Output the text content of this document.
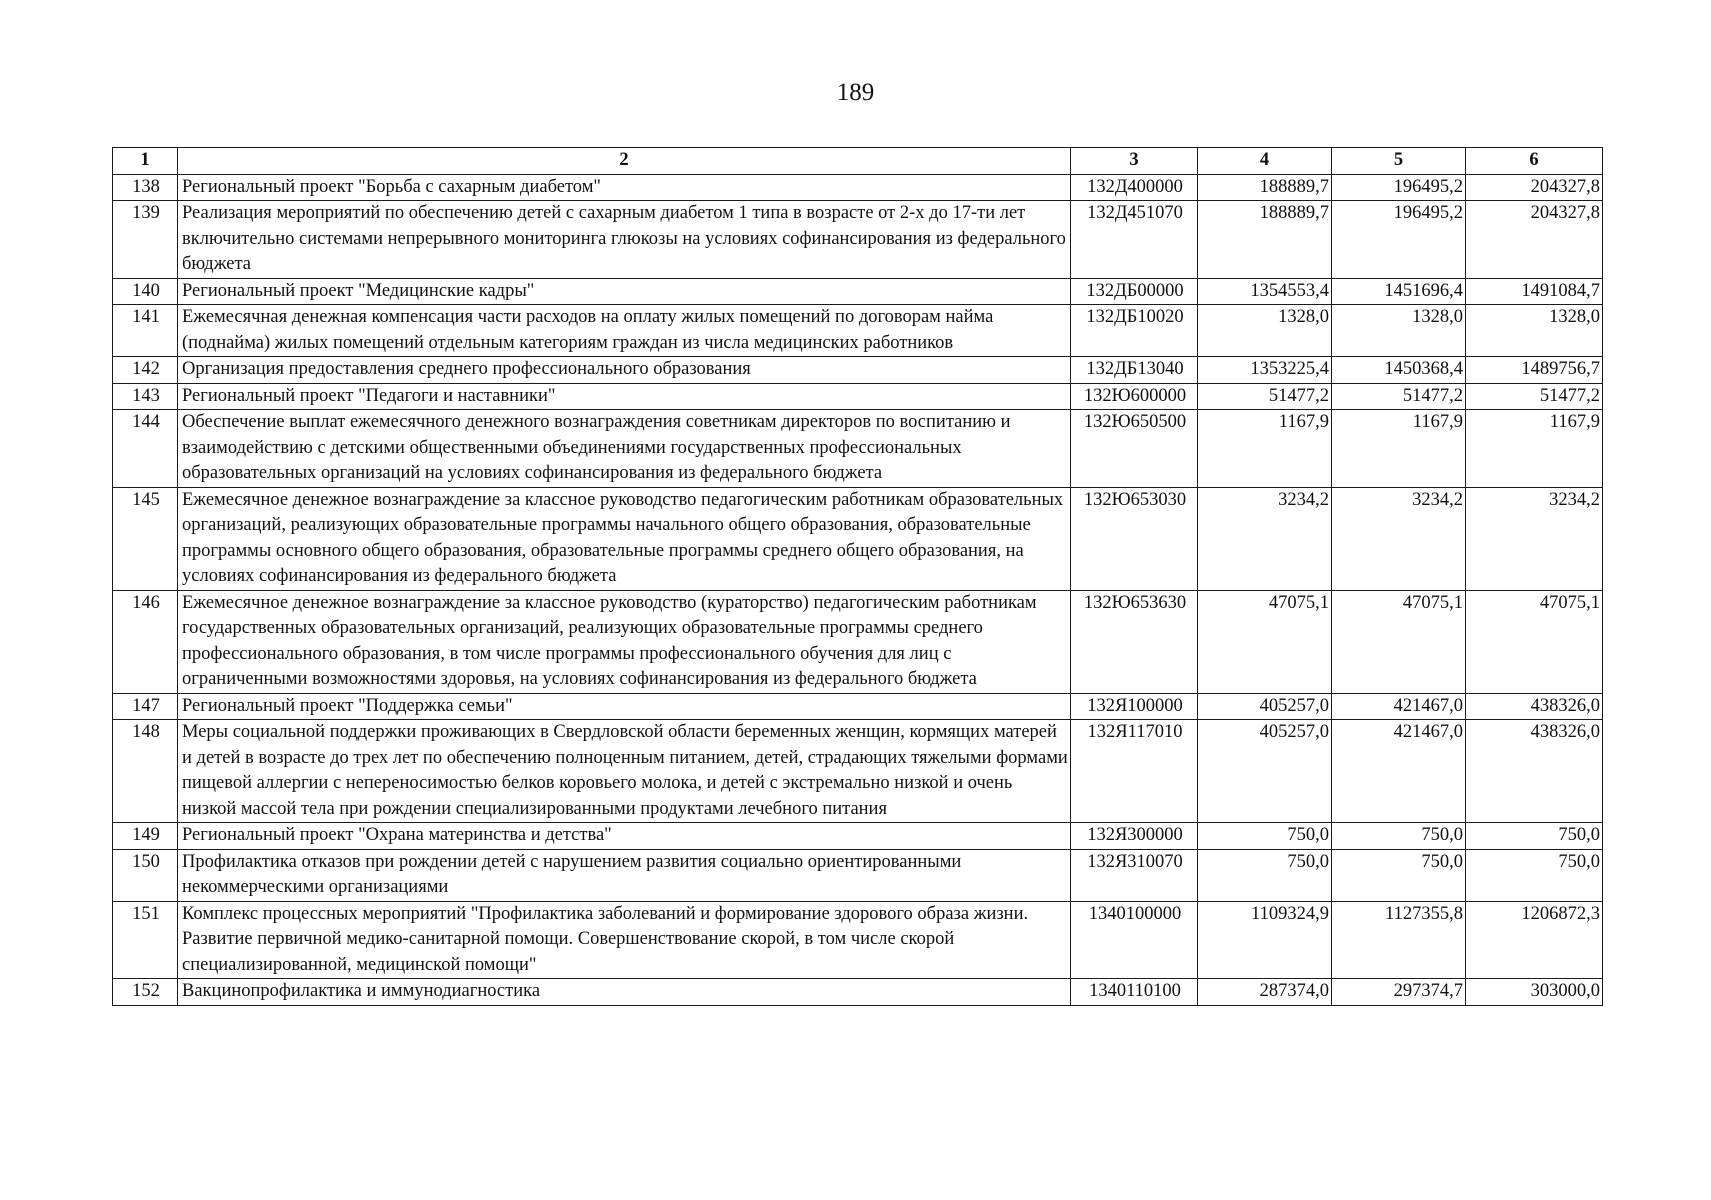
189
1	2	3	4	5	6
138	Региональный проект "Борьба с сахарным диабетом"	132Д400000	188889,7	196495,2	204327,8
139	Реализация мероприятий по обеспечению детей с сахарным диабетом 1 типа в возрасте от 2-х до 17-ти лет включительно системами непрерывного мониторинга глюкозы на условиях софинансирования из федерального бюджета	132Д451070	188889,7	196495,2	204327,8
140	Региональный проект "Медицинские кадры"	132ДБ00000	1354553,4	1451696,4	1491084,7
141	Ежемесячная денежная компенсация части расходов на оплату жилых помещений по договорам найма (поднайма) жилых помещений отдельным категориям граждан из числа медицинских работников	132ДБ10020	1328,0	1328,0	1328,0
142	Организация предоставления среднего профессионального образования	132ДБ13040	1353225,4	1450368,4	1489756,7
143	Региональный проект "Педагоги и наставники"	132Ю600000	51477,2	51477,2	51477,2
144	Обеспечение выплат ежемесячного денежного вознаграждения советникам директоров по воспитанию и взаимодействию с детскими общественными объединениями государственных профессиональных образовательных организаций на условиях софинансирования из федерального бюджета	132Ю650500	1167,9	1167,9	1167,9
145	Ежемесячное денежное вознаграждение за классное руководство педагогическим работникам образовательных организаций, реализующих образовательные программы начального общего образования, образовательные программы основного общего образования, образовательные программы среднего общего образования, на условиях софинансирования из федерального бюджета	132Ю653030	3234,2	3234,2	3234,2
146	Ежемесячное денежное вознаграждение за классное руководство (кураторство) педагогическим работникам государственных образовательных организаций, реализующих образовательные программы среднего профессионального образования, в том числе программы профессионального обучения для лиц с ограниченными возможностями здоровья, на условиях софинансирования из федерального бюджета	132Ю653630	47075,1	47075,1	47075,1
147	Региональный проект "Поддержка семьи"	132Я100000	405257,0	421467,0	438326,0
148	Меры социальной поддержки проживающих в Свердловской области беременных женщин, кормящих матерей и детей в возрасте до трех лет по обеспечению полноценным питанием, детей, страдающих тяжелыми формами пищевой аллергии с непереносимостью белков коровьего молока, и детей с экстремально низкой и очень низкой массой тела при рождении специализированными продуктами лечебного питания	132Я117010	405257,0	421467,0	438326,0
149	Региональный проект "Охрана материнства и детства"	132Я300000	750,0	750,0	750,0
150	Профилактика отказов при рождении детей с нарушением развития социально ориентированными некоммерческими организациями	132Я310070	750,0	750,0	750,0
151	Комплекс процессных мероприятий "Профилактика заболеваний и формирование здорового образа жизни. Развитие первичной медико-санитарной помощи. Совершенствование скорой, в том числе скорой специализированной, медицинской помощи"	1340100000	1109324,9	1127355,8	1206872,3
152	Вакцинопрофилактика и иммунодиагностика	1340110100	287374,0	297374,7	303000,0
